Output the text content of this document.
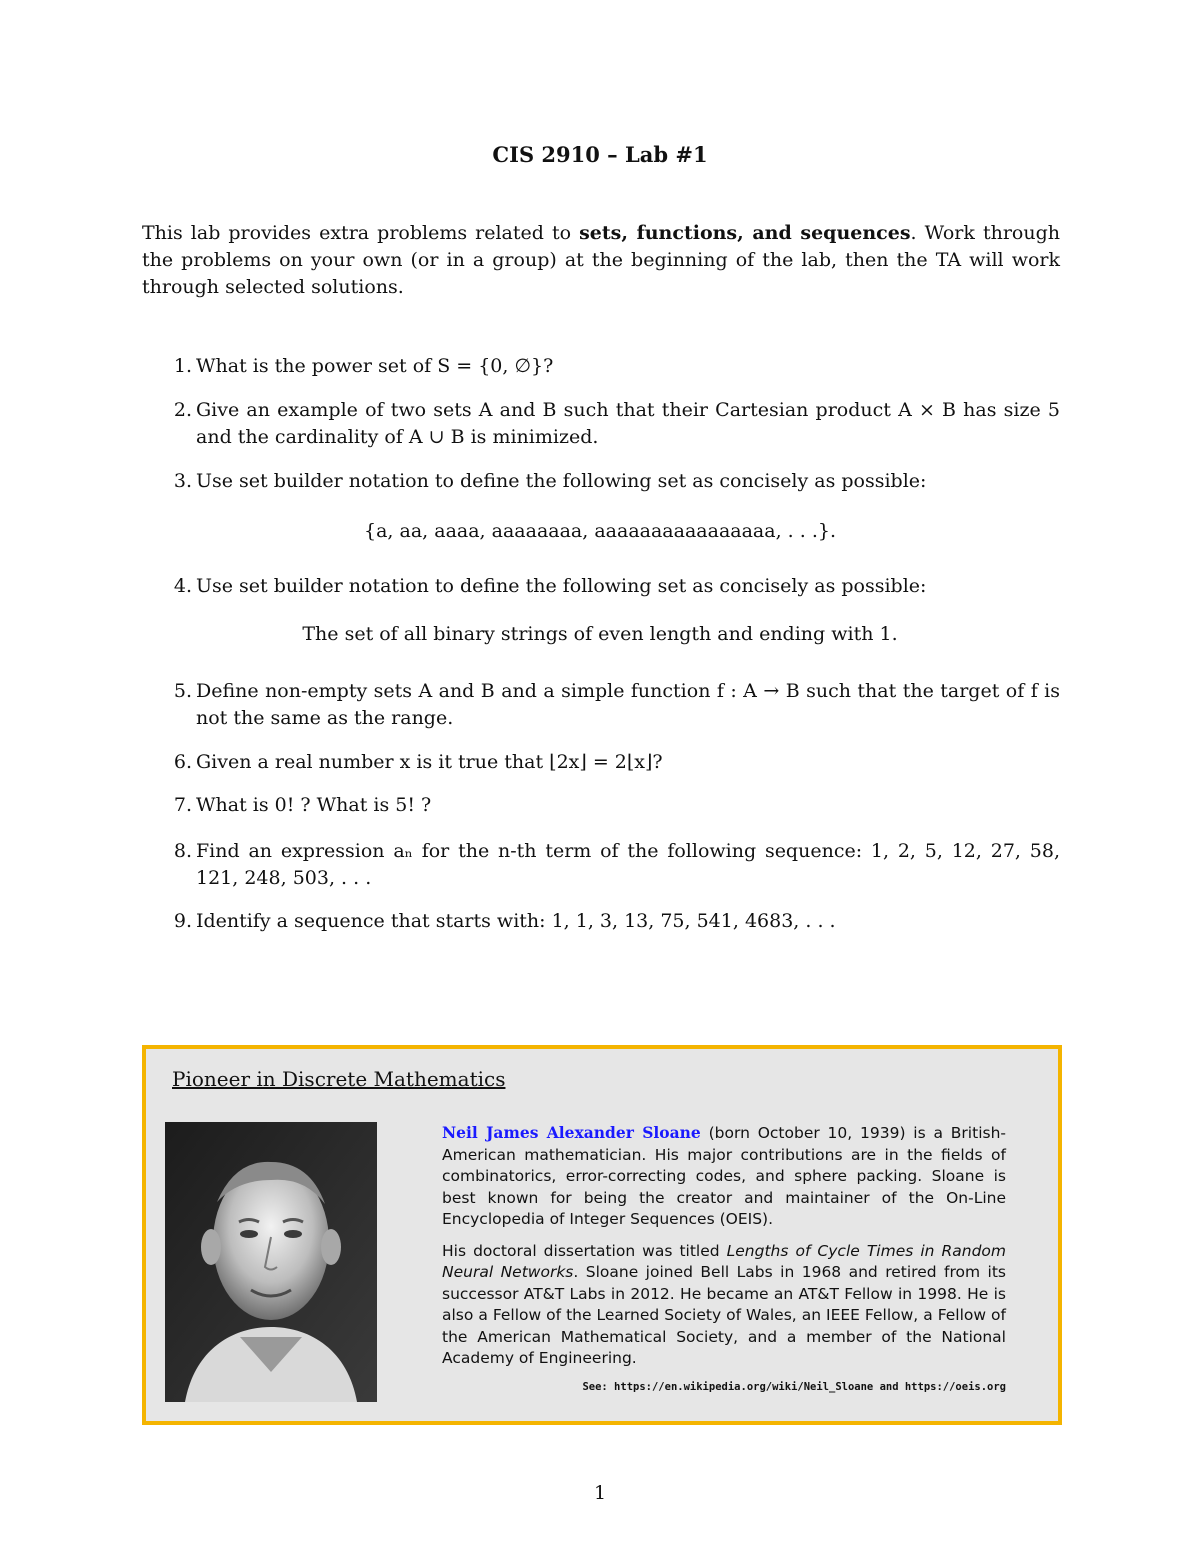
CIS 2910 – Lab #1
This lab provides extra problems related to sets, functions, and sequences. Work through the problems on your own (or in a group) at the beginning of the lab, then the TA will work through selected solutions.
1. What is the power set of S = {0, ∅}?
2. Give an example of two sets A and B such that their Cartesian product A × B has size 5 and the cardinality of A ∪ B is minimized.
3. Use set builder notation to define the following set as concisely as possible:
{a, aa, aaaa, aaaaaaaa, aaaaaaaaaaaaaaaa, . . .}.
4. Use set builder notation to define the following set as concisely as possible:
The set of all binary strings of even length and ending with 1.
5. Define non-empty sets A and B and a simple function f : A → B such that the target of f is not the same as the range.
6. Given a real number x is it true that ⌊2x⌋ = 2⌊x⌋?
7. What is 0! ? What is 5! ?
8. Find an expression aₙ for the n-th term of the following sequence: 1, 2, 5, 12, 27, 58, 121, 248, 503, . . .
9. Identify a sequence that starts with: 1, 1, 3, 13, 75, 541, 4683, . . .
Pioneer in Discrete Mathematics

Neil James Alexander Sloane (born October 10, 1939) is a British-American mathematician. His major contributions are in the fields of combinatorics, error-correcting codes, and sphere packing. Sloane is best known for being the creator and maintainer of the On-Line Encyclopedia of Integer Sequences (OEIS).

His doctoral dissertation was titled Lengths of Cycle Times in Random Neural Networks. Sloane joined Bell Labs in 1968 and retired from its successor AT&T Labs in 2012. He became an AT&T Fellow in 1998. He is also a Fellow of the Learned Society of Wales, an IEEE Fellow, a Fellow of the American Mathematical Society, and a member of the National Academy of Engineering.

See: https://en.wikipedia.org/wiki/Neil_Sloane and https://oeis.org
1
